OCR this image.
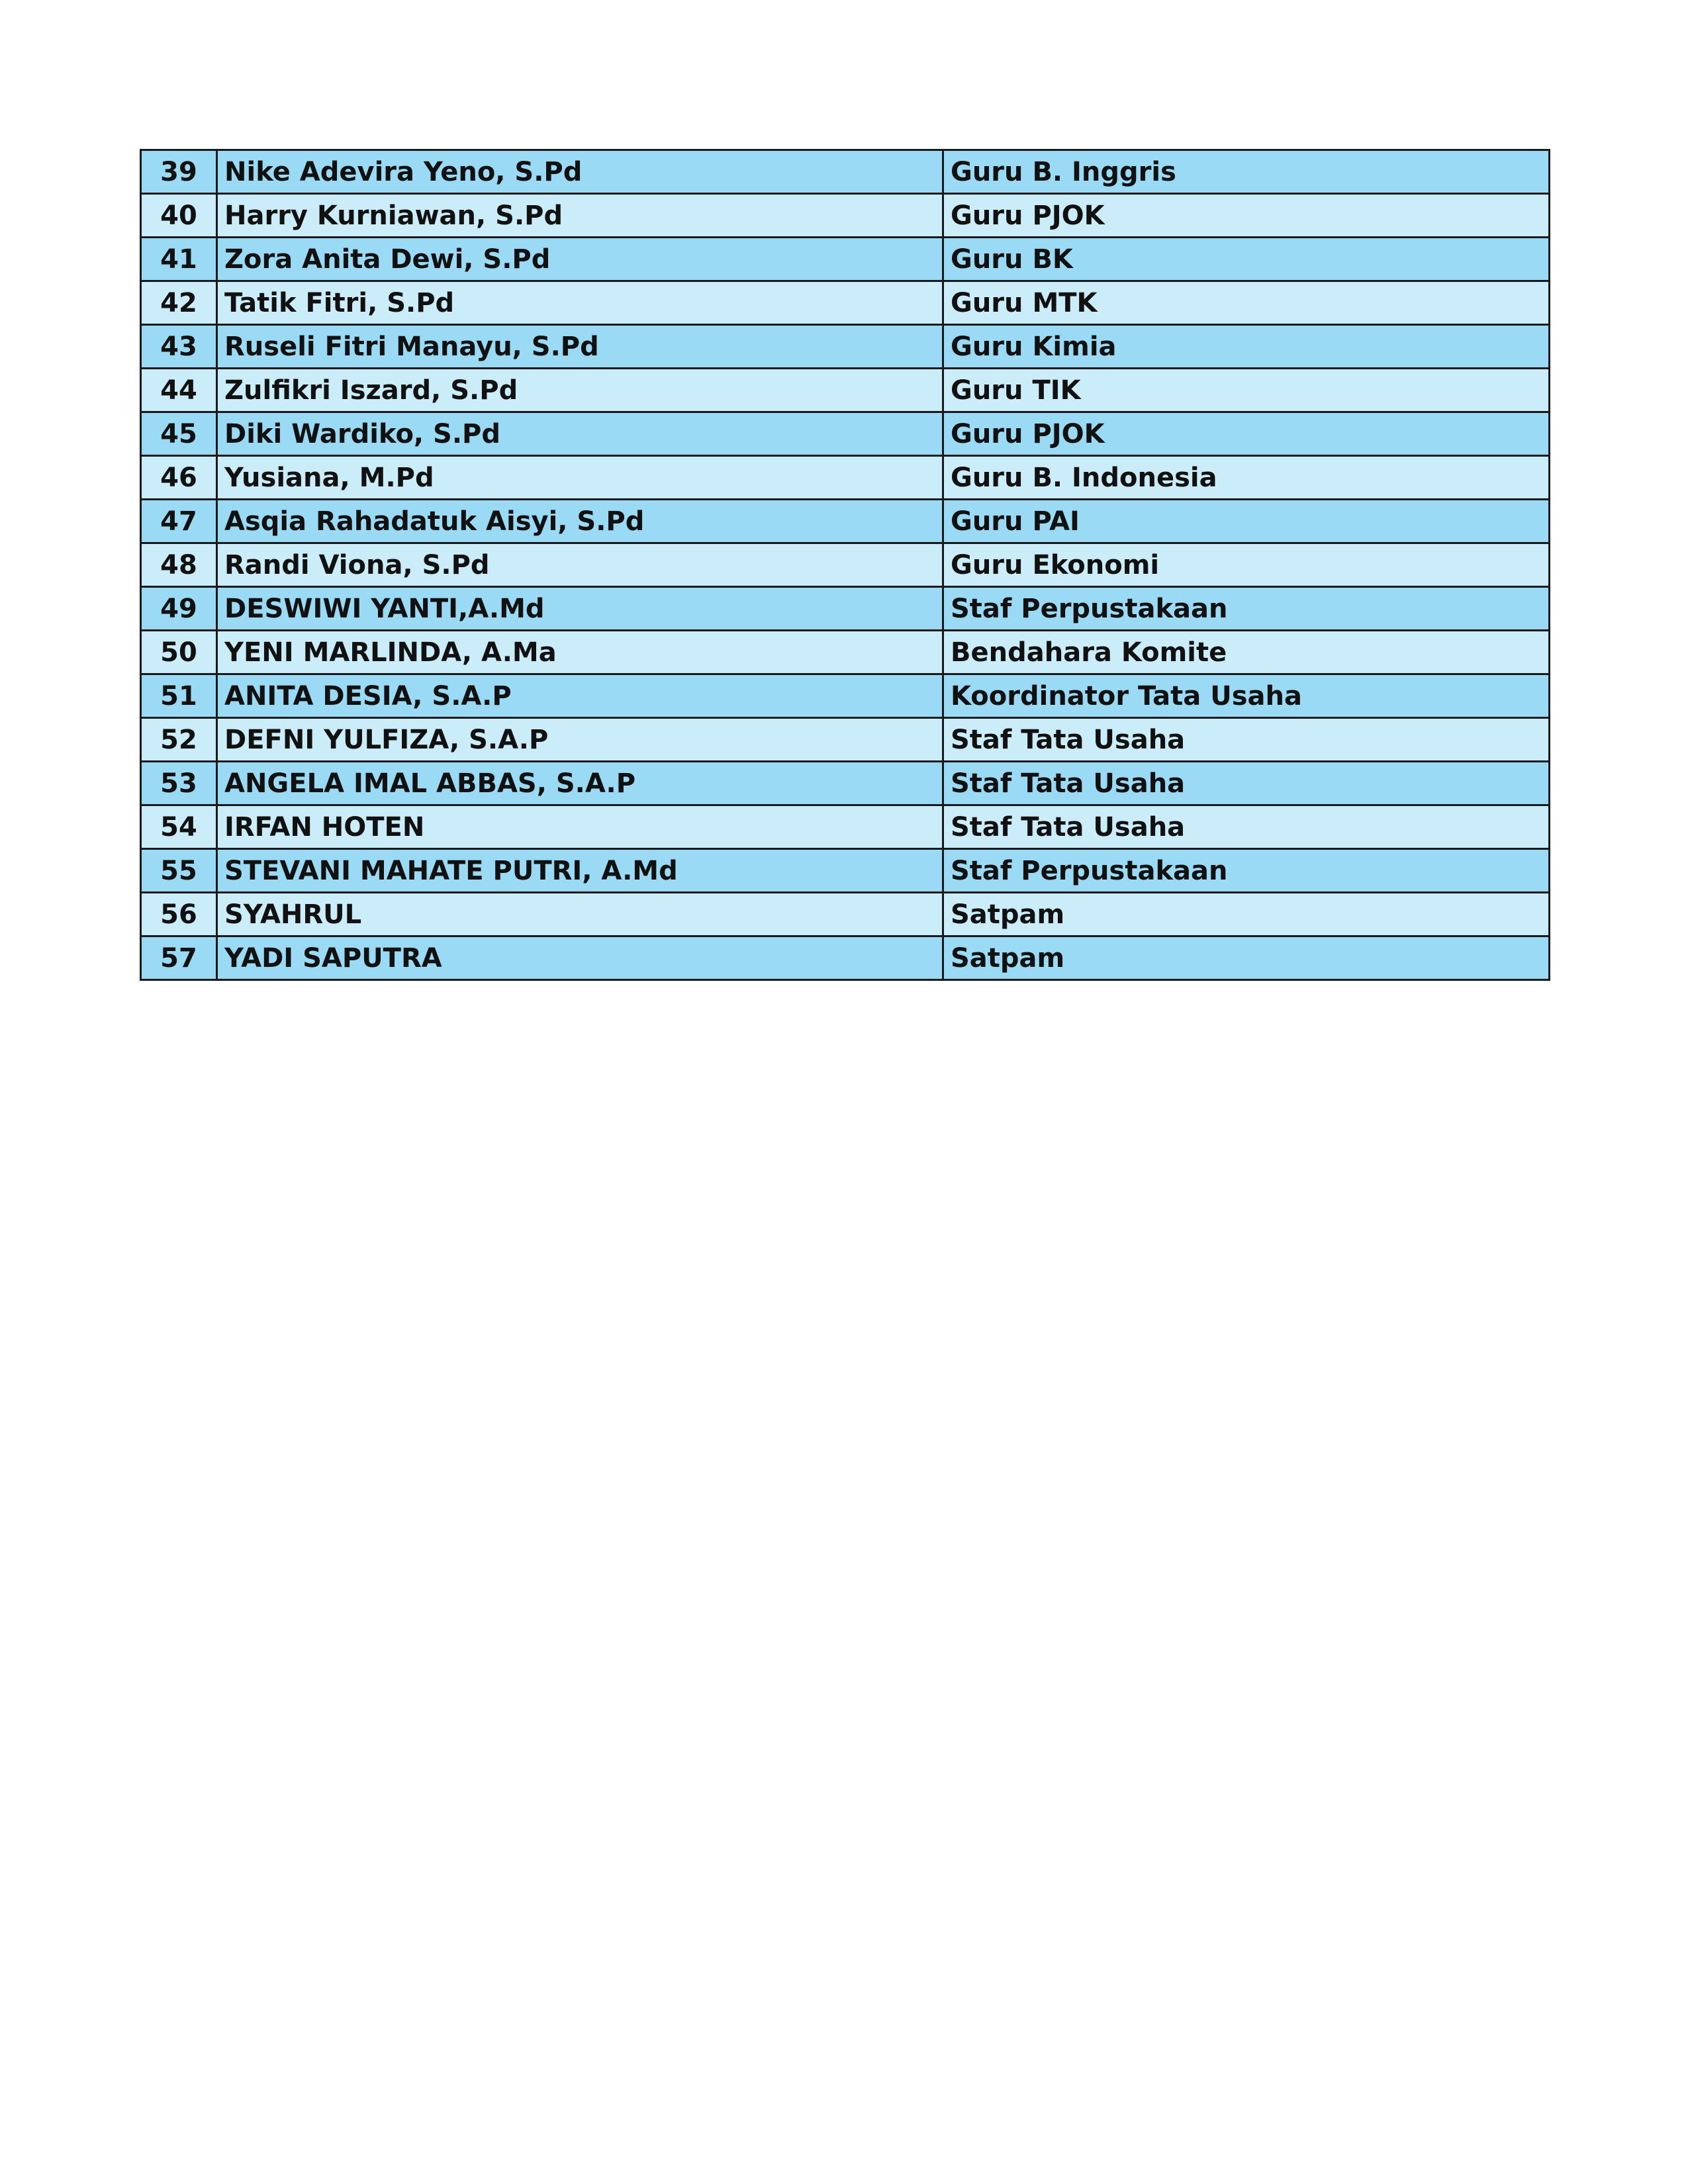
39	Nike Adevira Yeno, S.Pd	Guru B. Inggris
40	Harry Kurniawan, S.Pd	Guru PJOK
41	Zora Anita Dewi, S.Pd	Guru BK
42	Tatik Fitri, S.Pd	Guru MTK
43	Ruseli Fitri Manayu, S.Pd	Guru Kimia
44	Zulfikri Iszard, S.Pd	Guru TIK
45	Diki Wardiko, S.Pd	Guru PJOK
46	Yusiana, M.Pd	Guru B. Indonesia
47	Asqia Rahadatuk Aisyi, S.Pd	Guru PAI
48	Randi Viona, S.Pd	Guru Ekonomi
49	DESWIWI YANTI,A.Md	Staf Perpustakaan
50	YENI MARLINDA, A.Ma	Bendahara Komite
51	ANITA DESIA, S.A.P	Koordinator Tata Usaha
52	DEFNI YULFIZA, S.A.P	Staf Tata Usaha
53	ANGELA IMAL ABBAS, S.A.P	Staf Tata Usaha
54	IRFAN HOTEN	Staf Tata Usaha
55	STEVANI MAHATE PUTRI, A.Md	Staf Perpustakaan
56	SYAHRUL	Satpam
57	YADI SAPUTRA	Satpam
